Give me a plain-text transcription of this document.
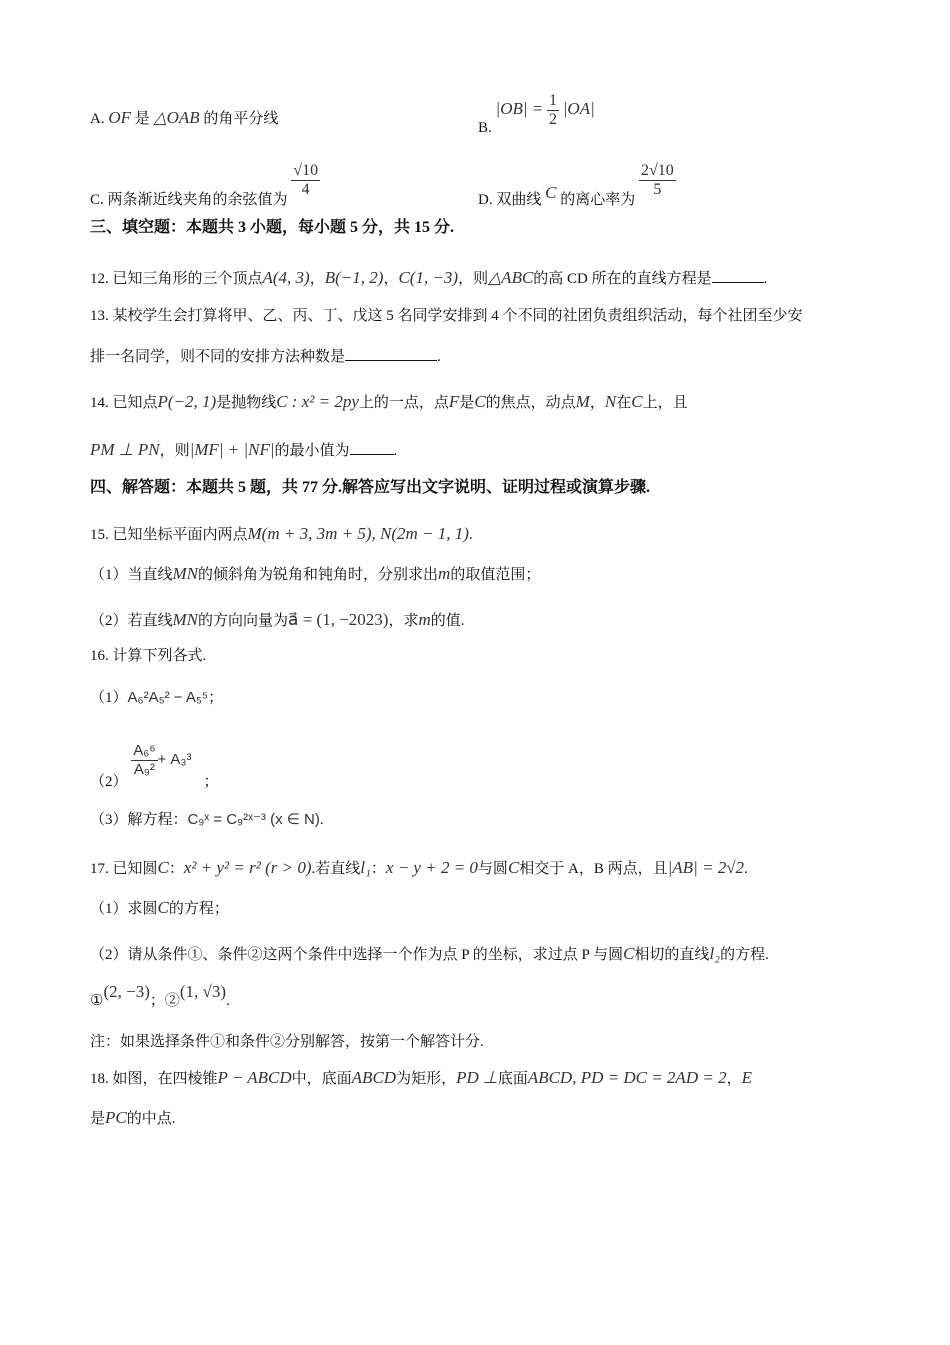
A. OF 是 △OAB 的角平分线
B. $|OB| = \frac{1}{2} |OA|$
C. 两条渐近线夹角的余弦值为
$\frac{√10}{4}$
D. 双曲线 C 的离心率为
$\frac{2√10}{5}$
三、填空题：本题共 3 小题，每小题 5 分，共 15 分.
12. 已知三角形的三个顶点A(4, 3)，B(−1, 2)，C(1, −3)，则△ABC的高 CD 所在的直线方程是	.
13. 某校学生会打算将甲、乙、丙、丁、戊这 5 名同学安排到 4 个不同的社团负责组织活动，每个社团至少安
排一名同学，则不同的安排方法种数是	.
14. 已知点P(−2, 1)是抛物线C : x² = 2py上的一点，点F是C的焦点，动点M，N在C上，且
PM ⊥ PN，则|MF| + |NF|的最小值为	.
四、解答题：本题共 5 题，共 77 分.解答应写出文字说明、证明过程或演算步骤.
15. 已知坐标平面内两点M(m + 3, 3m + 5), N(2m − 1, 1).
（1）当直线MN的倾斜角为锐角和钝角时，分别求出m的取值范围；
（2）若直线MN的方向向量为a⃗ = (1, −2023)，求m的值.
16. 计算下列各式.
（1）A₆²A₅² − A₅⁵；
（2）
$\frac{\text{A₆⁶}}{\text{A₉²}} + A_3^3$；
（3）解方程：C₉ˣ = C₉²ˣ⁻³ (x ∈ N).
17. 已知圆C：x² + y² = r² (r > 0).若直线l₁：x − y + 2 = 0与圆C相交于 A，B 两点，且|AB| = 2√2.
（1）求圆C的方程；
（2）请从条件①、条件②这两个条件中选择一个作为点 P 的坐标，求过点 P 与圆C相切的直线l₂的方程.
①(2, −3)；②(1, √3).
注：如果选择条件①和条件②分别解答，按第一个解答计分.
18. 如图，在四棱锥P − ABCD中，底面ABCD为矩形，PD ⊥底面ABCD, PD = DC = 2AD = 2，E
是PC的中点.
